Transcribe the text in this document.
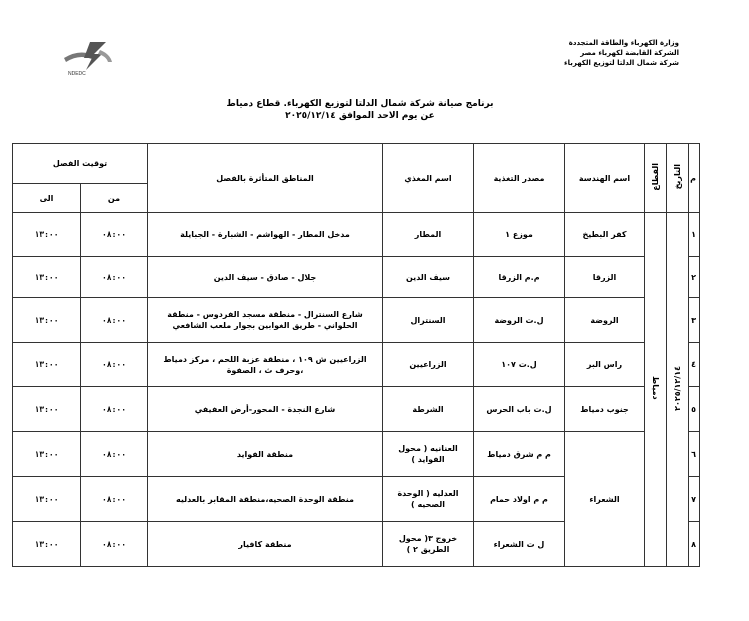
وزارة الكهرباء والطاقة المتجددة
الشركة القابضة لكهرباء مصر
شركة شمال الدلتا لتوزيع الكهرباء
NDEDC
برنامج صيانة شركة شمال الدلتا لتوزيع الكهرباء. قطاع دمياط
عن يوم الاحد الموافق ٢٠٢٥/١٢/١٤
توقيت الفصل		المناطق المتأثرة بالفصل	اسم المغذي	مصدر التغذية	اسم الهندسة	القطاع	التاريخ	م
الى	من							
١٣:٠٠	٠٨:٠٠	مدخل المطار - الهواشم - الشبارة - الجبايلة	المطار	موزع ١	كفر البطيخ	دمياط	٢٠٢٥/١٢/١٤	١
١٣:٠٠	٠٨:٠٠	جلال - صادق - سيف الدين	سيف الدين	م.م الزرقا	الزرقا			٢
١٣:٠٠	٠٨:٠٠	شارع السنترال - منطقة مسجد الفردوس - منطقة الحلواني - طريق الغوابين بجوار ملعب الشافعي	السنترال	ل.ت الروضة	الروضة			٣
١٣:٠٠	٠٨:٠٠	الزراعيين ش ١٠٩ ، منطقة عزبة اللحم ، مركز دمياط ،وحرف ث ، الصفوة	الزراعيين	ل.ت ١٠٧	راس البر			٤
١٣:٠٠	٠٨:٠٠	شارع النجدة - المحور-أرض العفيفي	الشرطة	ل.ت باب الحرس	جنوب دمياط			٥
١٣:٠٠	٠٨:٠٠	منطقة الفوايد	العنانيه ( محول الفوايد )	م م شرق دمياط	الشعراء			٦
١٣:٠٠	٠٨:٠٠	منطقة الوحدة الصحيه،منطقة المقابر بالعدليه	العدليه ( الوحدة الصحيه )	م م اولاد حمام				٧
١٣:٠٠	٠٨:٠٠	منطقة كافيار	خروج ٣( محول الطريق ٢ )	ل ت الشعراء				٨
